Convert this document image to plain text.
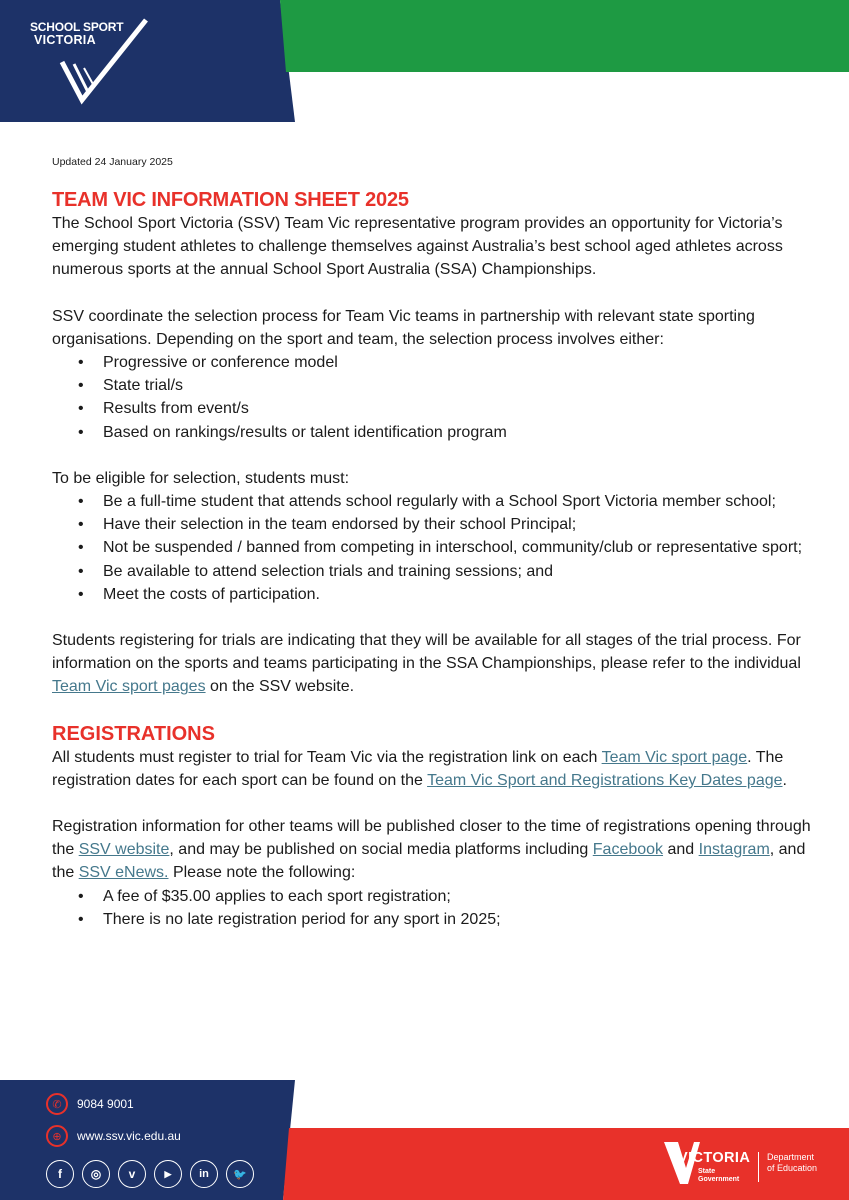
SCHOOL SPORT
VICTORIA
Updated 24 January 2025
TEAM VIC INFORMATION SHEET 2025

The School Sport Victoria (SSV) Team Vic representative program provides an opportunity for Victoria’s emerging student athletes to challenge themselves against Australia’s best school aged athletes across numerous sports at the annual School Sport Australia (SSA) Championships.

SSV coordinate the selection process for Team Vic teams in partnership with relevant state sporting organisations. Depending on the sport and team, the selection process involves either:

• Progressive or conference model
• State trial/s
• Results from event/s
• Based on rankings/results or talent identification program

To be eligible for selection, students must:

• Be a full-time student that attends school regularly with a School Sport Victoria member school;
• Have their selection in the team endorsed by their school Principal;
• Not be suspended / banned from competing in interschool, community/club or representative sport;
• Be available to attend selection trials and training sessions; and
• Meet the costs of participation.

Students registering for trials are indicating that they will be available for all stages of the trial process. For information on the sports and teams participating in the SSA Championships, please refer to the individual Team Vic sport pages on the SSV website.

REGISTRATIONS

All students must register to trial for Team Vic via the registration link on each Team Vic sport page. The registration dates for each sport can be found on the Team Vic Sport and Registrations Key Dates page.

Registration information for other teams will be published closer to the time of registrations opening through the SSV website, and may be published on social media platforms including Facebook and Instagram, and the SSV eNews. Please note the following:

• A fee of $35.00 applies to each sport registration;
• There is no late registration period for any sport in 2025;
✆	9084 9001
⊕	www.ssv.vic.edu.au
f	◎	v	▶	in	🐦
VICTORIA
State
Government
Department
of Education
